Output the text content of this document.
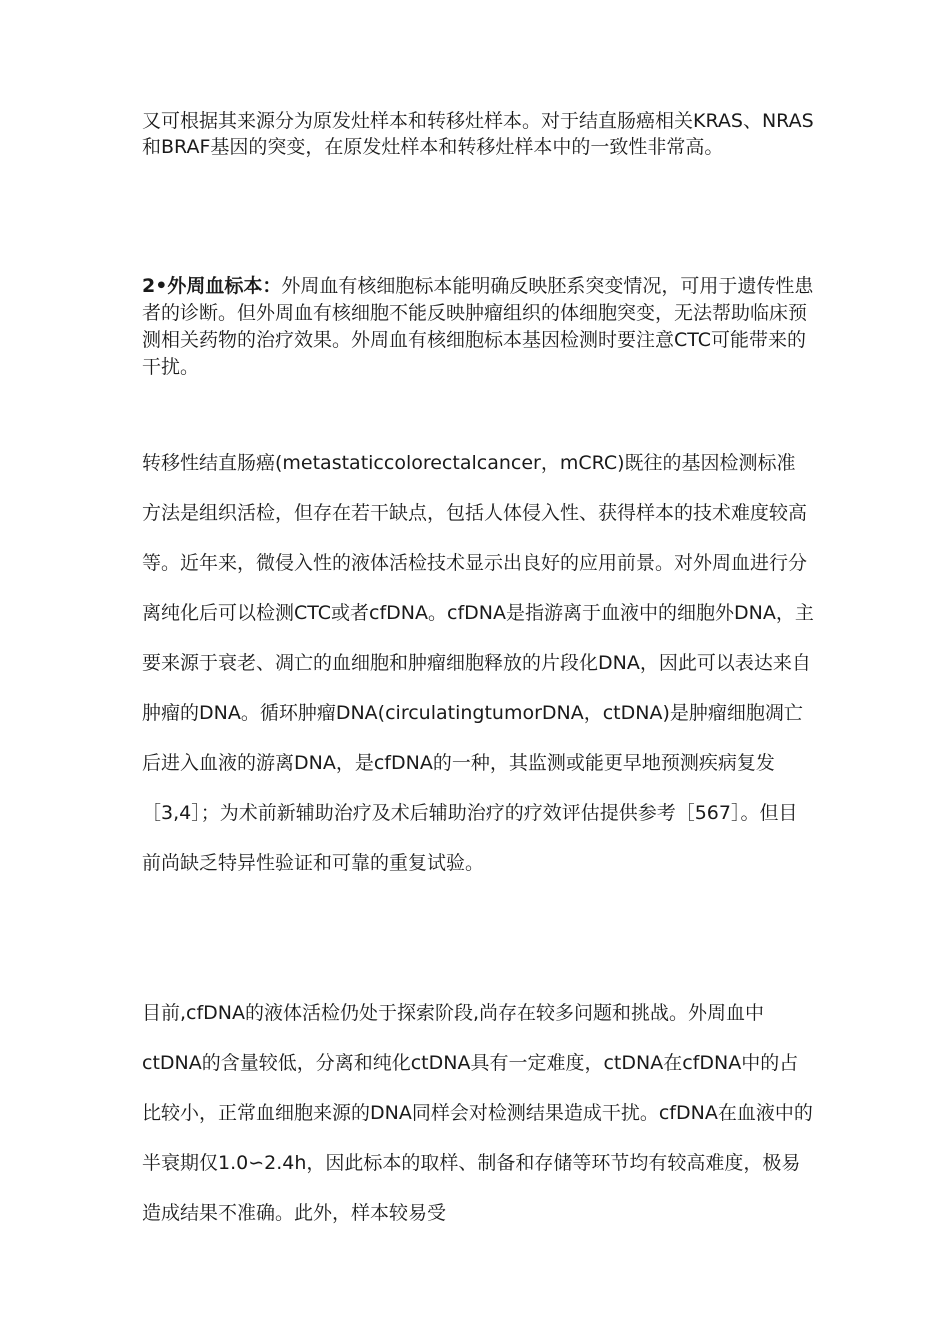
又可根据其来源分为原发灶样本和转移灶样本。对于结直肠癌相关KRAS、NRAS和BRAF基因的突变，在原发灶样本和转移灶样本中的一致性非常高。

2•外周血标本：外周血有核细胞标本能明确反映胚系突变情况，可用于遗传性患者的诊断。但外周血有核细胞不能反映肿瘤组织的体细胞突变，无法帮助临床预测相关药物的治疗效果。外周血有核细胞标本基因检测时要注意CTC可能带来的干扰。

转移性结直肠癌(metastaticcolorectalcancer，mCRC)既往的基因检测标准方法是组织活检，但存在若干缺点，包括人体侵入性、获得样本的技术难度较高等。近年来，微侵入性的液体活检技术显示出良好的应用前景。对外周血进行分离纯化后可以检测CTC或者cfDNA。cfDNA是指游离于血液中的细胞外DNA，主要来源于衰老、凋亡的血细胞和肿瘤细胞释放的片段化DNA，因此可以表达来自肿瘤的DNA。循环肿瘤DNA(circulatingtumorDNA，ctDNA)是肿瘤细胞凋亡后进入血液的游离DNA，是cfDNA的一种，其监测或能更早地预测疾病复发［3,4］；为术前新辅助治疗及术后辅助治疗的疗效评估提供参考［567］。但目前尚缺乏特异性验证和可靠的重复试验。

目前,cfDNA的液体活检仍处于探索阶段,尚存在较多问题和挑战。外周血中ctDNA的含量较低，分离和纯化ctDNA具有一定难度，ctDNA在cfDNA中的占比较小，正常血细胞来源的DNA同样会对检测结果造成干扰。cfDNA在血液中的半衰期仅1.0∽2.4h，因此标本的取样、制备和存储等环节均有较高难度，极易造成结果不准确。此外，样本较易受
